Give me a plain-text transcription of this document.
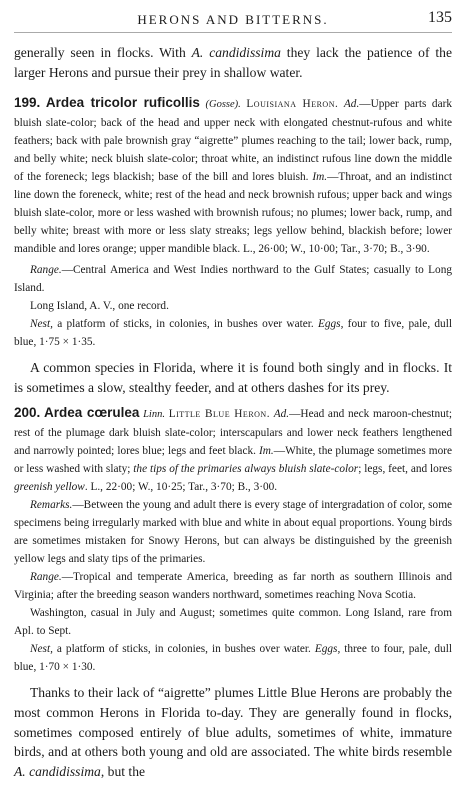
HERONS AND BITTERNS.	135

generally seen in flocks. With A. candidissima they lack the patience of the larger Herons and pursue their prey in shallow water.

199. Ardea tricolor ruficollis (Gosse). Louisiana Heron. Ad.—Upper parts dark bluish slate-color; back of the head and upper neck with elongated chestnut-rufous and white feathers; back with pale brownish gray “aigrette” plumes reaching to the tail; lower back, rump, and belly white; neck bluish slate-color; throat white, an indistinct rufous line down the middle of the foreneck; legs blackish; base of the bill and lores bluish. Im.—Throat, and an indistinct line down the foreneck, white; rest of the head and neck brownish rufous; upper back and wings bluish slate-color, more or less washed with brownish rufous; no plumes; lower back, rump, and belly white; breast with more or less slaty streaks; legs yellow behind, blackish before; lower mandible and lores orange; upper mandible black. L., 26·00; W., 10·00; Tar., 3·70; B., 3·90.

Range.—Central America and West Indies northward to the Gulf States; casually to Long Island.

Long Island, A. V., one record.

Nest, a platform of sticks, in colonies, in bushes over water. Eggs, four to five, pale, dull blue, 1·75 × 1·35.

A common species in Florida, where it is found both singly and in flocks. It is sometimes a slow, stealthy feeder, and at others dashes for its prey.

200. Ardea cœrulea Linn. Little Blue Heron. Ad.—Head and neck maroon-chestnut; rest of the plumage dark bluish slate-color; interscapulars and lower neck feathers lengthened and narrowly pointed; lores blue; legs and feet black. Im.—White, the plumage sometimes more or less washed with slaty; the tips of the primaries always bluish slate-color; legs, feet, and lores greenish yellow. L., 22·00; W., 10·25; Tar., 3·70; B., 3·00.

Remarks.—Between the young and adult there is every stage of intergradation of color, some specimens being irregularly marked with blue and white in about equal proportions. Young birds are sometimes mistaken for Snowy Herons, but can always be distinguished by the greenish yellow legs and slaty tips of the primaries.

Range.—Tropical and temperate America, breeding as far north as southern Illinois and Virginia; after the breeding season wanders northward, sometimes reaching Nova Scotia.

Washington, casual in July and August; sometimes quite common. Long Island, rare from Apl. to Sept.

Nest, a platform of sticks, in colonies, in bushes over water. Eggs, three to four, pale, dull blue, 1·70 × 1·30.

Thanks to their lack of “aigrette” plumes Little Blue Herons are probably the most common Herons in Florida to-day. They are generally found in flocks, sometimes composed entirely of blue adults, sometimes of white, immature birds, and at others both young and old are associated. The white birds resemble A. candidissima, but the
